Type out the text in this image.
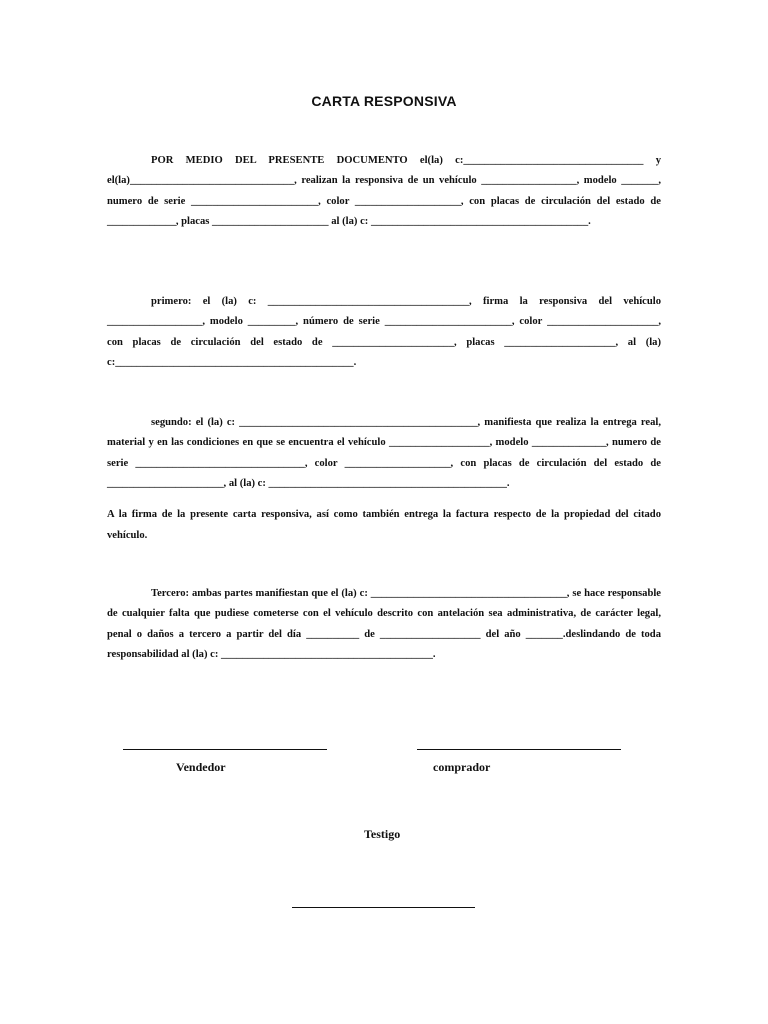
CARTA RESPONSIVA
POR MEDIO DEL PRESENTE DOCUMENTO el(la) c:__________________________________ y el(la)_______________________________, realizan la responsiva de un vehículo __________________, modelo _______, numero de serie ________________________, color ____________________, con placas de circulación del estado de _____________, placas ______________________ al (la) c: _________________________________________.
primero: el (la) c: ______________________________________, firma la responsiva del vehículo __________________, modelo _________, número de serie ________________________, color _____________________, con placas de circulación del estado de _______________________, placas _____________________, al (la) c:_____________________________________________.
segundo: el (la) c: _____________________________________________, manifiesta que realiza la entrega real, material y en las condiciones en que se encuentra el vehículo ___________________, modelo ______________, numero de serie ________________________________, color ____________________, con placas de circulación del estado de ______________________, al (la) c: _____________________________________________.
A la firma de la presente carta responsiva, así como también entrega la factura respecto de la propiedad del citado vehículo.
Tercero: ambas partes manifiestan que el (la) c: _____________________________________, se hace responsable de cualquier falta que pudiese cometerse con el vehículo descrito con antelación sea administrativa, de carácter legal, penal o daños a tercero a partir del día __________ de ___________________ del año _______.deslindando de toda responsabilidad al (la) c: ________________________________________.
Vendedor	comprador
Testigo
